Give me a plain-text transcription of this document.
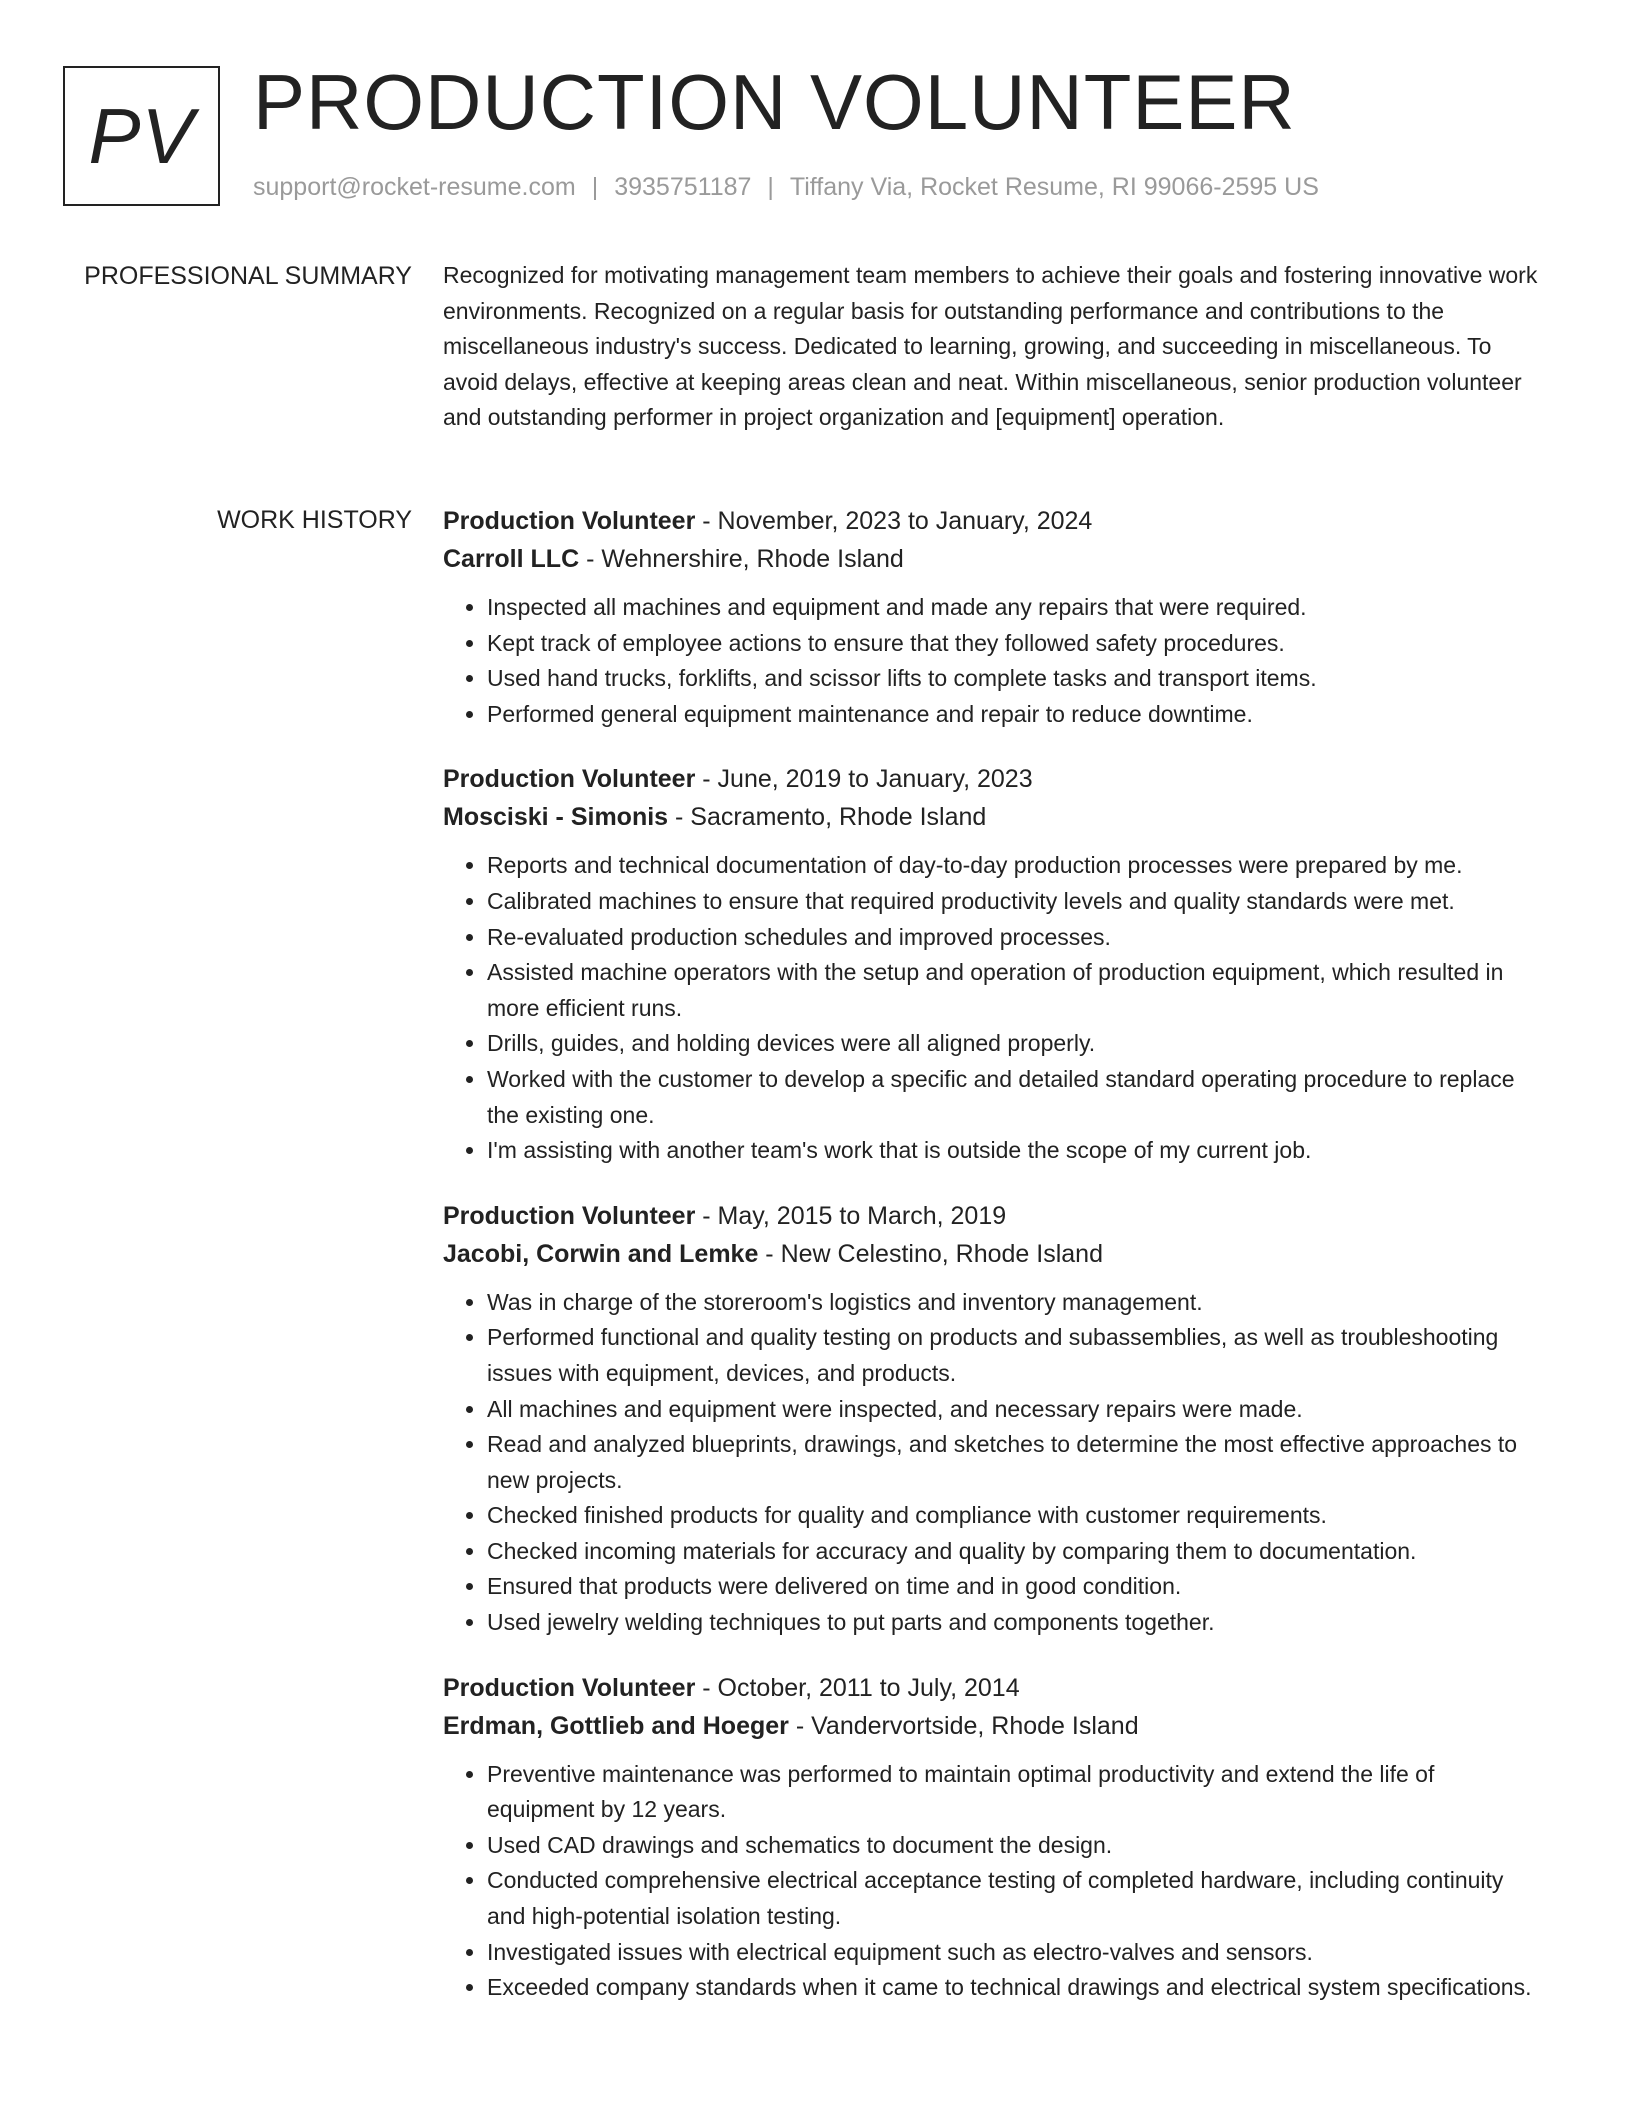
PV PRODUCTION VOLUNTEER
support@rocket-resume.com | 3935751187 | Tiffany Via, Rocket Resume, RI 99066-2595 US
PROFESSIONAL SUMMARY Recognized for motivating management team members to achieve their goals and fostering innovative work environments. Recognized on a regular basis for outstanding performance and contributions to the miscellaneous industry's success. Dedicated to learning, growing, and succeeding in miscellaneous. To avoid delays, effective at keeping areas clean and neat. Within miscellaneous, senior production volunteer and outstanding performer in project organization and [equipment] operation.

WORK HISTORY Production Volunteer - November, 2023 to January, 2024
Carroll LLC - Wehnershire, Rhode Island
• Inspected all machines and equipment and made any repairs that were required.
• Kept track of employee actions to ensure that they followed safety procedures.
• Used hand trucks, forklifts, and scissor lifts to complete tasks and transport items.
• Performed general equipment maintenance and repair to reduce downtime.
Production Volunteer - June, 2019 to January, 2023
Mosciski - Simonis - Sacramento, Rhode Island
• Reports and technical documentation of day-to-day production processes were prepared by me.
• Calibrated machines to ensure that required productivity levels and quality standards were met.
• Re-evaluated production schedules and improved processes.
• Assisted machine operators with the setup and operation of production equipment, which resulted in more efficient runs.
• Drills, guides, and holding devices were all aligned properly.
• Worked with the customer to develop a specific and detailed standard operating procedure to replace the existing one.
• I'm assisting with another team's work that is outside the scope of my current job.
Production Volunteer - May, 2015 to March, 2019
Jacobi, Corwin and Lemke - New Celestino, Rhode Island
• Was in charge of the storeroom's logistics and inventory management.
• Performed functional and quality testing on products and subassemblies, as well as troubleshooting issues with equipment, devices, and products.
• All machines and equipment were inspected, and necessary repairs were made.
• Read and analyzed blueprints, drawings, and sketches to determine the most effective approaches to new projects.
• Checked finished products for quality and compliance with customer requirements.
• Checked incoming materials for accuracy and quality by comparing them to documentation.
• Ensured that products were delivered on time and in good condition.
• Used jewelry welding techniques to put parts and components together.
Production Volunteer - October, 2011 to July, 2014
Erdman, Gottlieb and Hoeger - Vandervortside, Rhode Island
• Preventive maintenance was performed to maintain optimal productivity and extend the life of equipment by 12 years.
• Used CAD drawings and schematics to document the design.
• Conducted comprehensive electrical acceptance testing of completed hardware, including continuity and high-potential isolation testing.
• Investigated issues with electrical equipment such as electro-valves and sensors.
• Exceeded company standards when it came to technical drawings and electrical system specifications.
